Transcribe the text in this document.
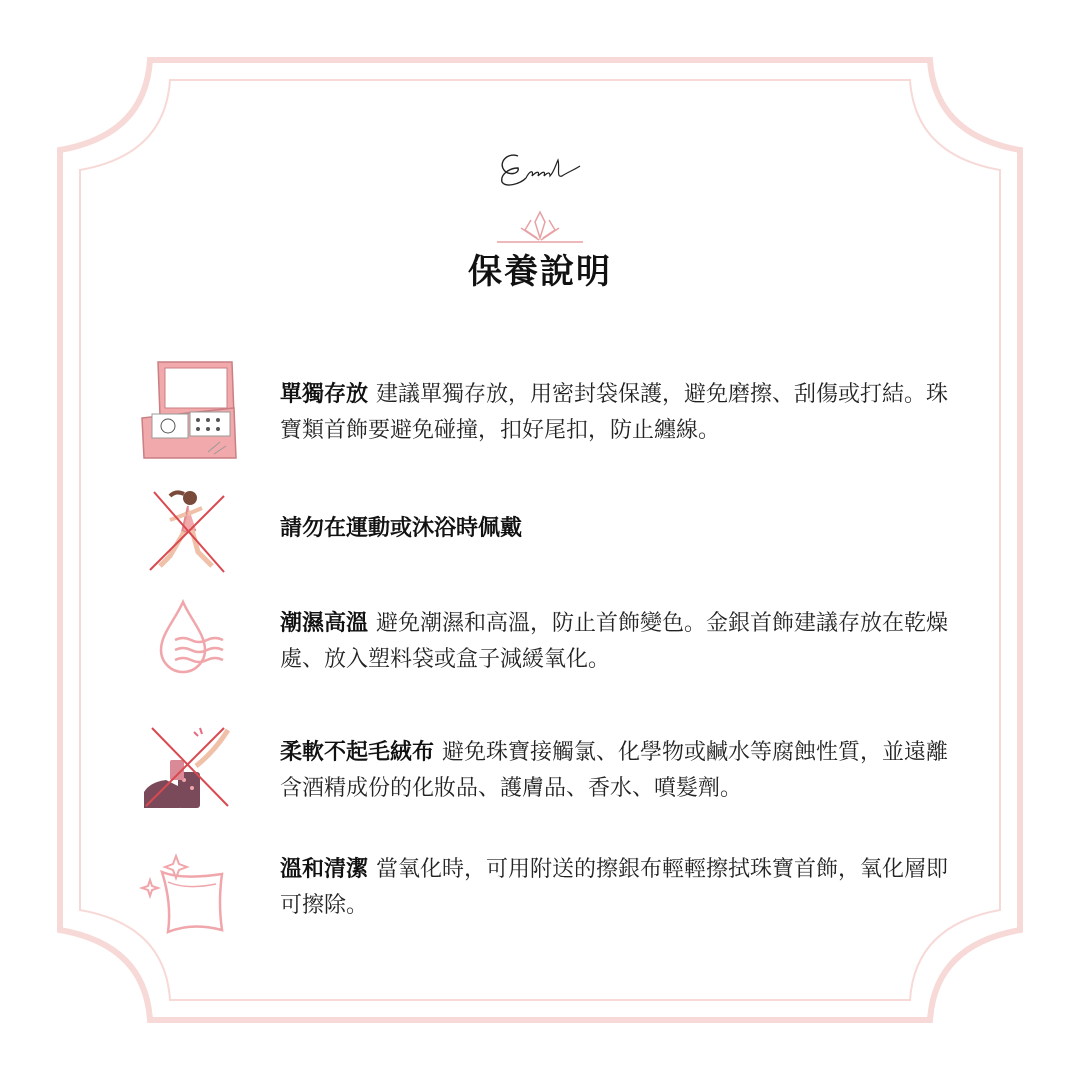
保養說明
單獨存放 建議單獨存放，用密封袋保護，避免磨擦、刮傷或打結。珠寶類首飾要避免碰撞，扣好尾扣，防止纏線。
請勿在運動或沐浴時佩戴
潮濕高溫 避免潮濕和高溫，防止首飾變色。金銀首飾建議存放在乾燥處、放入塑料袋或盒子減緩氧化。
柔軟不起毛絨布 避免珠寶接觸氯、化學物或鹹水等腐蝕性質，並遠離含酒精成份的化妝品、護膚品、香水、噴髮劑。
溫和清潔 當氧化時，可用附送的擦銀布輕輕擦拭珠寶首飾，氧化層即可擦除。
